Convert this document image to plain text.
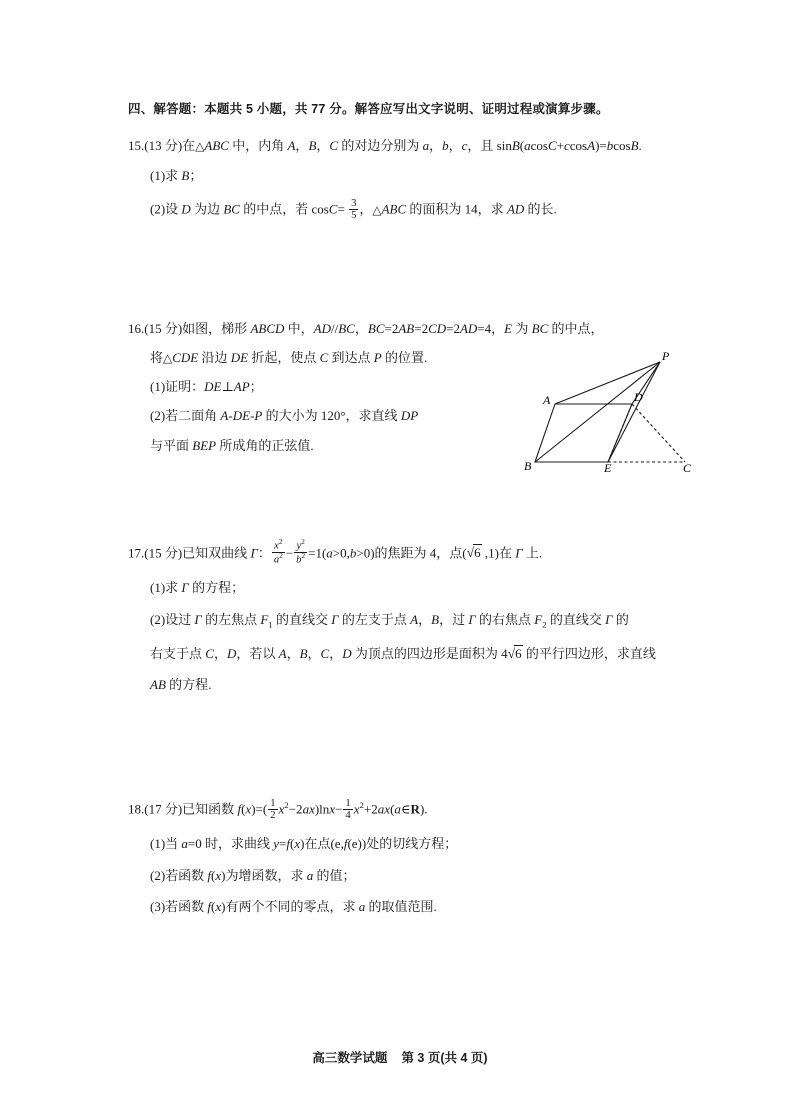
四、解答题：本题共 5 小题，共 77 分。解答应写出文字说明、证明过程或演算步骤。
15.(13 分)在 △ ABC 中，内角 A，B，C 的对边分别为 a，b，c，且 sinB(acosC+ccosA)=bcosB.
(1)求 B；
(2)设 D 为边 BC 的中点，若 $\cos C= \frac{3}{5}$ ， △ ABC 的面积为 14，求 AD 的长.
16.(15 分)如图，梯形 ABCD 中，AD//BC，BC=2AB=2CD=2AD=4，E 为 BC 的中点，
将 △ CDE 沿边 DE 折起，使点 C 到达点 P 的位置.
(1)证明：DE⊥AP；
(2)若二面角 A-DE-P 的大小为 120°，求直线 DP
与平面 BEP 所成角的正弦值.
P
A	D
B	E	C
17.(15 分)已知双曲线 Γ： $\frac{x^2}{a^2} - \frac{y^2}{b^2} =1(a>0,b>0)$的焦距为 4，点(√6 ,1)在 Γ 上.
(1)求 Γ 的方程；
(2)设过 Γ 的左焦点 $F_1$ 的直线交 Γ 的左支于点 A，B，过 Γ 的右焦点 $F_2$ 的直线交 Γ 的
右支于点 C，D，若以 A，B，C，D 为顶点的四边形是面积为 4√6 的平行四边形，求直线
AB 的方程.
18.(17 分)已知函数 $f(x)=( \frac{1}{2} x^2-2ax)\ln x- \frac{1}{4}$ $x^2+2ax(a\in R)$.
(1)当 a=0 时，求曲线 y=f(x)在点(e,f(e))处的切线方程；
(2)若函数 f(x)为增函数，求 a 的值；
(3)若函数 f(x)有两个不同的零点，求 a 的取值范围.
高三数学试题 第 3 页(共 4 页)
